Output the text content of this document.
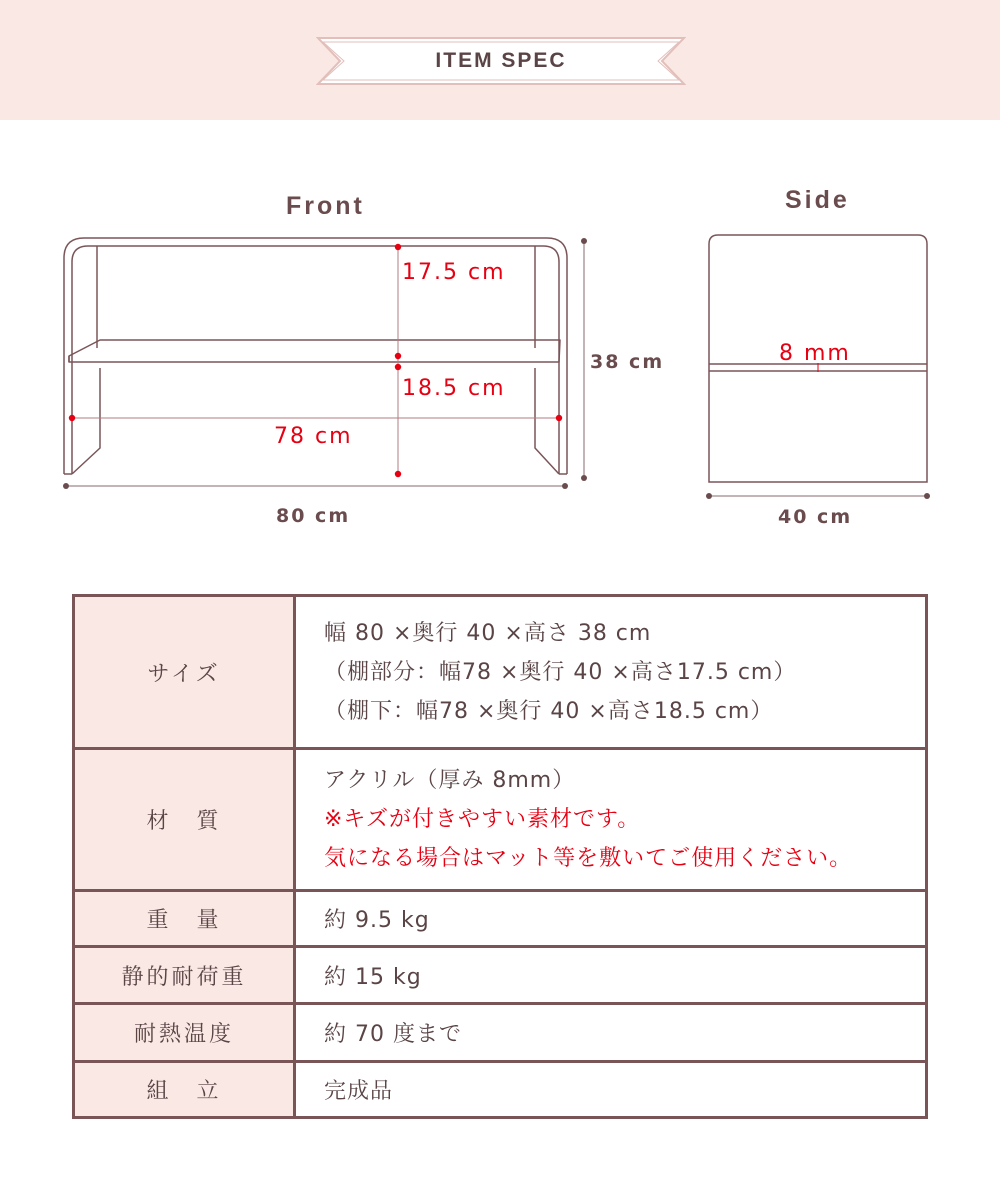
ITEM SPEC
Front	Side
17.5 cm
18.5 cm
78 cm
38 cm
80 cm
8 mm
40 cm
サイズ	幅 80 ×奥行 40 ×高さ 38 cm
（棚部分：幅78 ×奥行 40 ×高さ17.5 cm）
（棚下：幅78 ×奥行 40 ×高さ18.5 cm）

材　質	アクリル（厚み 8mm）
※キズが付きやすい素材です。
気になる場合はマット等を敷いてご使用ください。

重　量	約 9.5 kg
静的耐荷重	約 15 kg
耐熱温度	約 70 度まで
組　立	完成品
